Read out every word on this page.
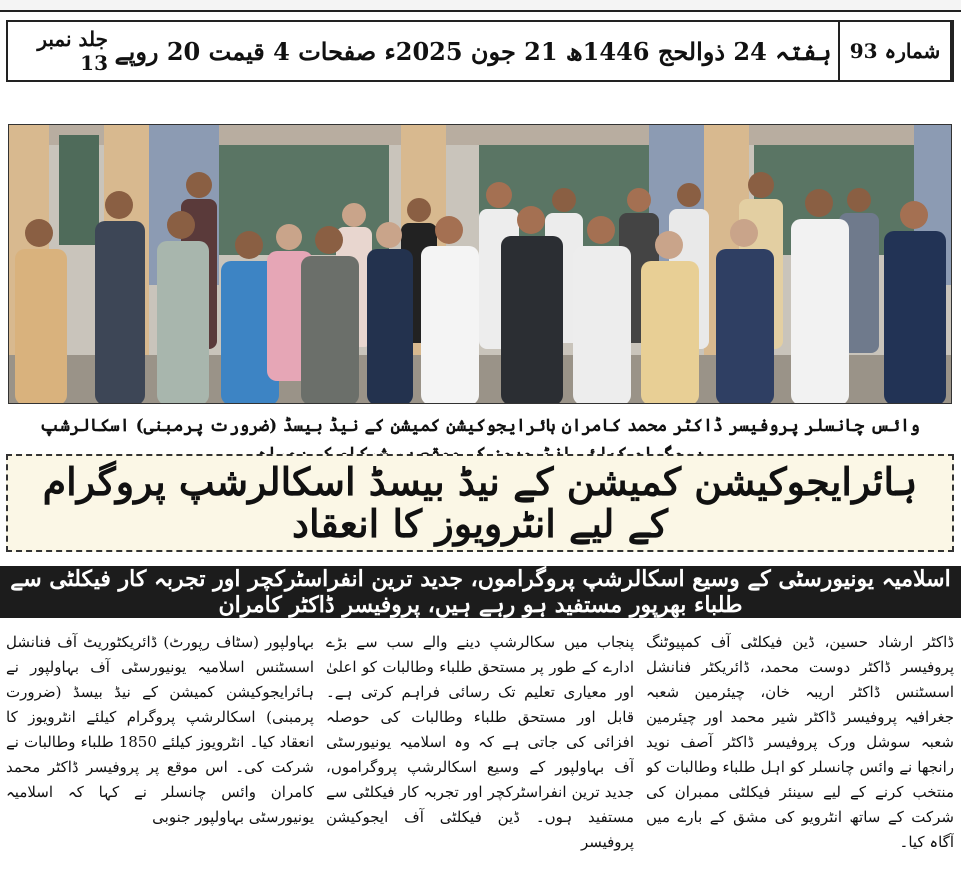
جلد نمبر 13 ہفتہ 24 ذوالحج 1446ھ 21 جون 2025ء صفحات 4 قیمت 20 روپے شمارہ 93
وائس چانسلر پروفیسر ڈاکٹر محمد کامران ہائرایجوکیشن کمیشن کے نیڈ بیسڈ (ضرورت پرمبنی) اسکالرشپ
ہائرایجوکیشن کمیشن کے نیڈ بیسڈ اسکالرشپ پروگرام کے لیے انٹرویوز کا انعقاد
اسلامیہ یونیورسٹی کے وسیع اسکالرشپ پروگراموں، جدید ترین انفراسٹرکچر اور تجربہ کار فیکلٹی سے طلباء بھرپور مستفید ہو رہے ہیں، پروفیسر ڈاکٹر کامران
بہاولپور (سٹاف رپورٹ) ڈائریکٹوریٹ آف فنانشل اسسٹنس اسلامیہ یونیورسٹی آف بہاولپور نے ہائرایجوکیشن کمیشن کے نیڈ بیسڈ (ضرورت پرمبنی) اسکالرشپ پروگرام کیلئے انٹرویوز کا انعقاد کیا۔ انٹرویوز کیلئے 1850 طلباء وطالبات نے شرکت کی۔ اس موقع پر پروفیسر ڈاکٹر محمد کامران وائس چانسلر نے کہا کہ اسلامیہ یونیورسٹی بہاولپور جنوبی
پنجاب میں سکالرشپ دینے والے سب سے بڑے ادارے کے طور پر مستحق طلباء وطالبات کو اعلیٰ اور معیاری تعلیم تک رسائی فراہم کرتی ہے۔ قابل اور مستحق طلباء وطالبات کی حوصلہ افزائی کی جاتی ہے کہ وہ اسلامیہ یونیورسٹی آف بہاولپور کے وسیع اسکالرشپ پروگراموں، جدید ترین انفراسٹرکچر اور تجربہ کار فیکلٹی سے مستفید ہوں۔ ڈین فیکلٹی آف ایجوکیشن پروفیسر
ڈاکٹر ارشاد حسین، ڈین فیکلٹی آف کمپیوٹنگ پروفیسر ڈاکٹر دوست محمد، ڈائریکٹر فنانشل اسسٹنس ڈاکٹر اریبہ خان، چیئرمین شعبہ جغرافیہ پروفیسر ڈاکٹر شیر محمد اور چیئرمین شعبہ سوشل ورک پروفیسر ڈاکٹر آصف نوید رانجھا نے وائس چانسلر کو اہل طلباء وطالبات کو منتخب کرنے کے لیے سینئر فیکلٹی ممبران کی شرکت کے ساتھ انٹرویو کی مشق کے بارے میں آگاہ کیا۔
